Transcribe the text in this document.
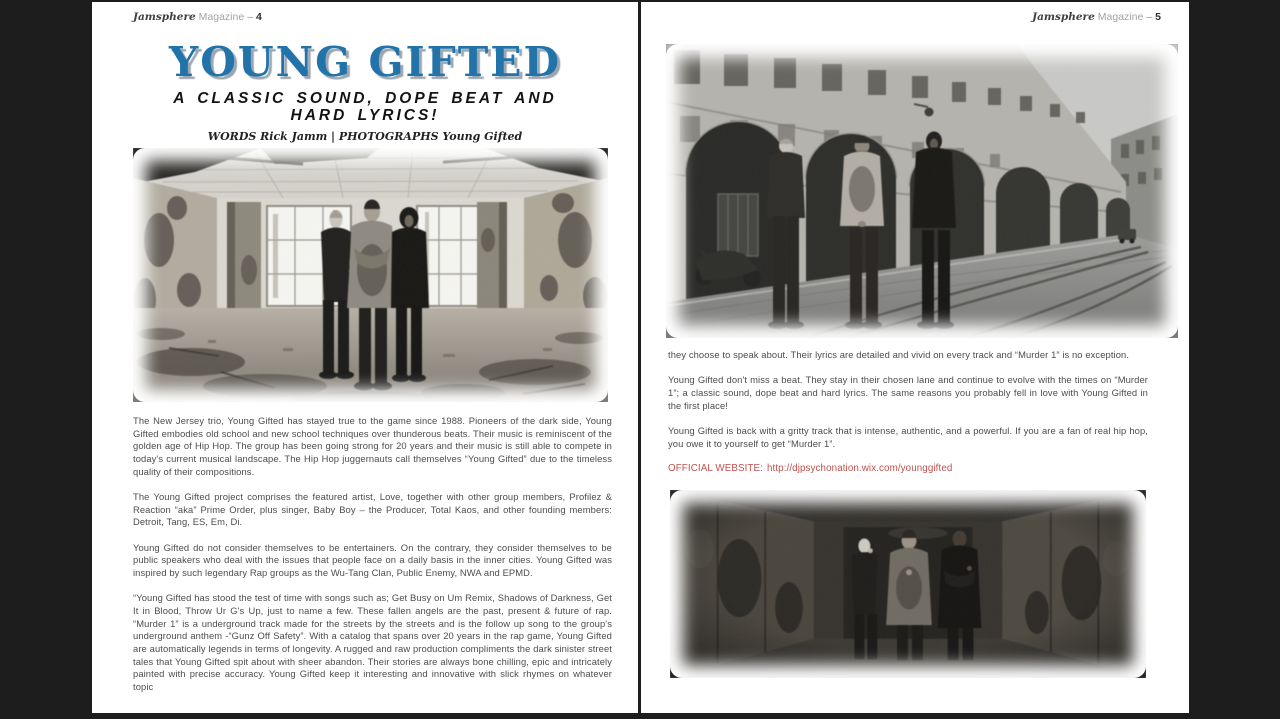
Jamsphere Magazine – 4
YOUNG GIFTED
A CLASSIC SOUND, DOPE BEAT AND
HARD LYRICS!
WORDS Rick Jamm | PHOTOGRAPHS Young Gifted

The New Jersey trio, Young Gifted has stayed true to the game since 1988. Pioneers of the dark side, Young Gifted embodies old school and new school techniques over thunderous beats. Their music is reminiscent of the golden age of Hip Hop. The group has been going strong for 20 years and their music is still able to compete in today's current musical landscape. The Hip Hop juggernauts call themselves “Young Gifted” due to the timeless quality of their compositions.

The Young Gifted project comprises the featured artist, Love, together with other group members, Profilez & Reaction “aka” Prime Order, plus singer, Baby Boy – the Producer, Total Kaos, and other founding members: Detroit, Tang, ES, Em, Di.

Young Gifted do not consider themselves to be entertainers. On the contrary, they consider themselves to be public speakers who deal with the issues that people face on a daily basis in the inner cities. Young Gifted was inspired by such legendary Rap groups as the Wu-Tang Clan, Public Enemy, NWA and EPMD.

“Young Gifted has stood the test of time with songs such as; Get Busy on Um Remix, Shadows of Darkness, Get It in Blood, Throw Ur G's Up, just to name a few. These fallen angels are the past, present & future of rap. “Murder 1” is a underground track made for the streets by the streets and is the follow up song to the group's underground anthem -“Gunz Off Safety”. With a catalog that spans over 20 years in the rap game, Young Gifted are automatically legends in terms of longevity. A rugged and raw production compliments the dark sinister street tales that Young Gifted spit about with sheer abandon. Their stories are always bone chilling, epic and intricately painted with precise accuracy. Young Gifted keep it interesting and innovative with slick rhymes on whatever topic

Jamsphere Magazine – 5

they choose to speak about. Their lyrics are detailed and vivid on every track and “Murder 1” is no exception.

Young Gifted don't miss a beat. They stay in their chosen lane and continue to evolve with the times on “Murder 1”; a classic sound, dope beat and hard lyrics. The same reasons you probably fell in love with Young Gifted in the first place!

Young Gifted is back with a gritty track that is intense, authentic, and a powerful. If you are a fan of real hip hop, you owe it to yourself to get “Murder 1”.

OFFICIAL WEBSITE: http://djpsychonation.wix.com/younggifted
